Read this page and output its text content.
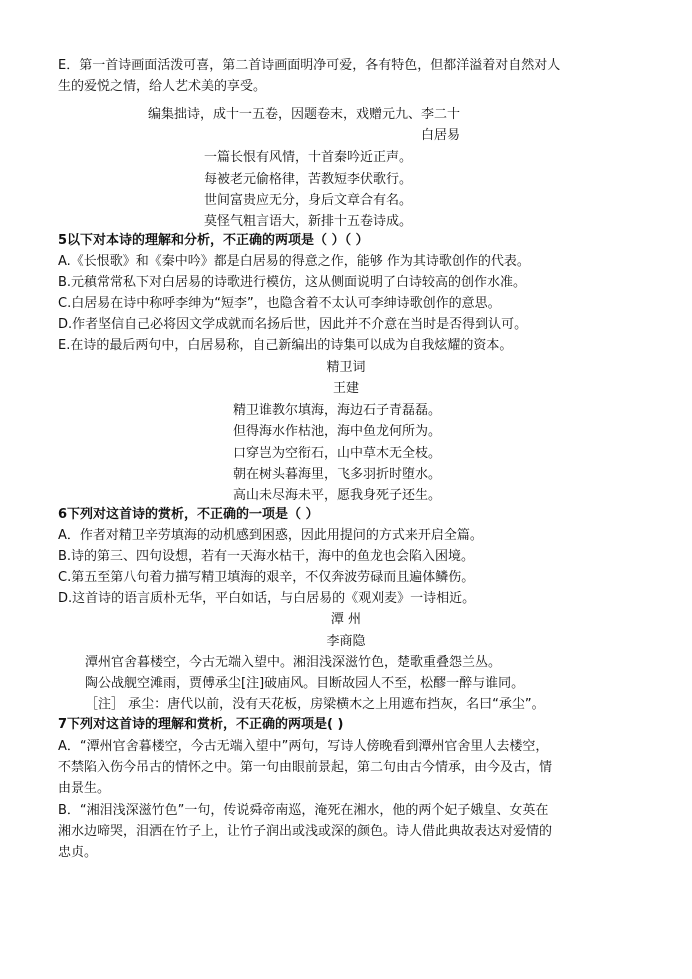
E．第一首诗画面活泼可喜，第二首诗画面明净可爱，各有特色，但都洋溢着对自然对人
生的爱悦之情，给人艺术美的享受。
编集拙诗，成十一五卷，因题卷末，戏赠元九、李二十
白居易
一篇长恨有风情，十首秦吟近正声。
每被老元偷格律，苦教短李伏歌行。
世间富贵应无分，身后文章合有名。
莫怪气粗言语大，新排十五卷诗成。
5以下对本诗的理解和分析，不正确的两项是（ ）（ ）
A.《长恨歌》和《秦中吟》都是白居易的得意之作，能够 作为其诗歌创作的代表。
B.元稹常常私下对白居易的诗歌进行模仿，这从侧面说明了白诗较高的创作水准。
C.白居易在诗中称呼李绅为“短李”，也隐含着不太认可李绅诗歌创作的意思。
D.作者坚信自己必将因文学成就而名扬后世，因此并不介意在当时是否得到认可。
E.在诗的最后两句中，白居易称，自己新编出的诗集可以成为自我炫耀的资本。
精卫词
王建
精卫谁教尔填海，海边石子青磊磊。
但得海水作枯池，海中鱼龙何所为。
口穿岂为空衔石，山中草木无全枝。
朝在树头暮海里，飞多羽折时堕水。
高山未尽海未平，愿我身死子还生。
6下列对这首诗的赏析，不正确的一项是（ ）
A．作者对精卫辛劳填海的动机感到困惑，因此用提问的方式来开启全篇。
B.诗的第三、四句设想，若有一天海水枯干，海中的鱼龙也会陷入困境。
C.第五至第八句着力描写精卫填海的艰辛，不仅奔波劳碌而且遍体鳞伤。
D.这首诗的语言质朴无华，平白如话，与白居易的《观刈麦》一诗相近。
潭 州
李商隐
潭州官舍暮楼空，今古无端入望中。湘泪浅深滋竹色，楚歌重叠怨兰丛。
陶公战舰空滩雨，贾傅承尘[注]破庙风。目断故园人不至，松醪一醉与谁同。
［注］ 承尘：唐代以前，没有天花板，房梁横木之上用遮布挡灰，名曰“承尘”。
7下列对这首诗的理解和赏析，不正确的两项是( )
A．“潭州官舍暮楼空，今古无端入望中”两句，写诗人傍晚看到潭州官舍里人去楼空，
不禁陷入伤今吊古的情怀之中。第一句由眼前景起，第二句由古今情承，由今及古，情
由景生。
B．“湘泪浅深滋竹色”一句，传说舜帝南巡，淹死在湘水，他的两个妃子娥皇、女英在
湘水边啼哭，泪洒在竹子上，让竹子润出或浅或深的颜色。诗人借此典故表达对爱情的
忠贞。
